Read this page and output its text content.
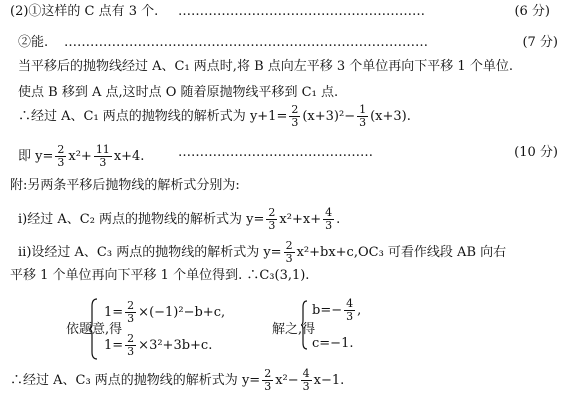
(2)①这样的 C 点有 3 个. …………………………………………………	(6 分)
②能. …………………………………………………………………………	(7 分)
当平移后的抛物线经过 A、C₁ 两点时,将 B 点向左平移 3 个单位再向下平移 1 个单位.
使点 B 移到 A 点,这时点 O 随着原抛物线平移到 C₁ 点.
∴经过 A、C₁ 两点的抛物线的解析式为 $y+1= \frac{2}{3} (x+3)^2- \frac{1}{3} (x+3)$.
即 $y= \frac{2}{3} x^2+ \frac{11}{3} x+4$.	………………………………………	(10 分)
附:另两条平移后抛物线的解析式分别为:
ⅰ)经过 A、C₂ 两点的抛物线的解析式为 $y= \frac{2}{3} x^2+x+ \frac{4}{3}$ .
ⅱ)设经过 A、C₃ 两点的抛物线的解析式为 $y= \frac{2}{3} x^2+bx+c,OC_3$ 可看作线段 AB 向右
平移 1 个单位再向下平移 1 个单位得到. ∴C₃(3,1).
依题意,得
$1= \frac{2}{3} \times(-1)^2-b+c$,
$1= \frac{2}{3} \times 3^2+3b+c$.
解之,得
$b=- \frac{4}{3}$ ,
c=−1.
∴经过 A、C₃ 两点的抛物线的解析式为 $y= \frac{2}{3} x^2- \frac{4}{3} x-1$.
